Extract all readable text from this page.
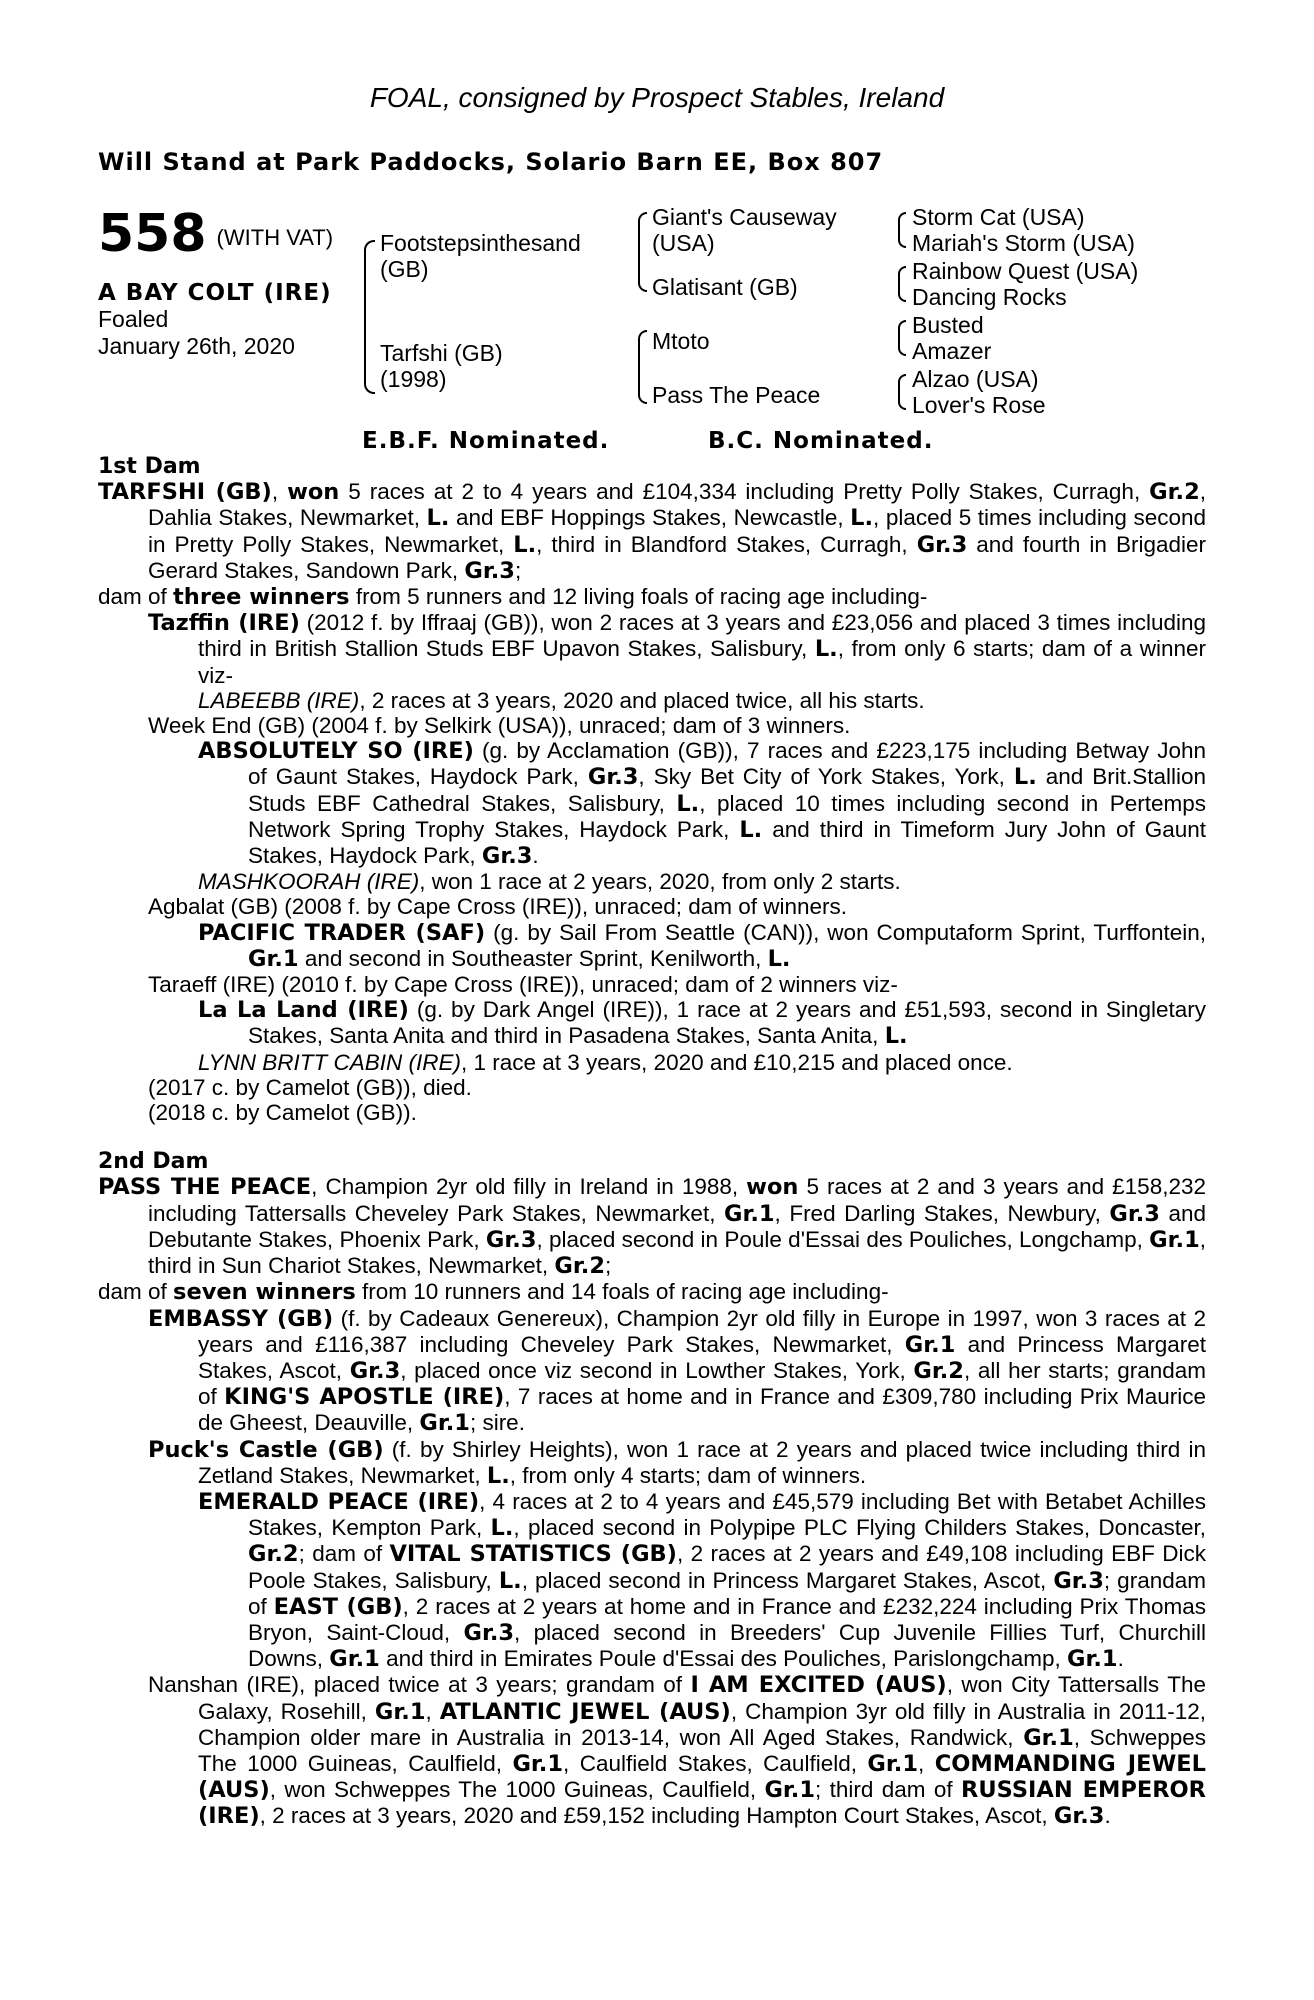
FOAL, consigned by Prospect Stables, Ireland
Will Stand at Park Paddocks, Solario Barn EE, Box 807
558 (WITH VAT)
A BAY COLT (IRE)
Foaled
January 26th, 2020
Footstepsinthesand
(GB)
Tarfshi (GB)
(1998)
Giant's Causeway
(USA)
Glatisant (GB)
Mtoto
Pass The Peace
Storm Cat (USA)
Mariah's Storm (USA)
Rainbow Quest (USA)
Dancing Rocks
Busted
Amazer
Alzao (USA)
Lover's Rose
E.B.F. Nominated.	B.C. Nominated.
1st Dam
TARFSHI (GB), won 5 races at 2 to 4 years and £104,334 including Pretty Polly Stakes, Curragh, Gr.2, Dahlia Stakes, Newmarket, L. and EBF Hoppings Stakes, Newcastle, L., placed 5 times including second in Pretty Polly Stakes, Newmarket, L., third in Blandford Stakes, Curragh, Gr.3 and fourth in Brigadier Gerard Stakes, Sandown Park, Gr.3;
dam of three winners from 5 runners and 12 living foals of racing age including-
Tazffin (IRE) (2012 f. by Iffraaj (GB)), won 2 races at 3 years and £23,056 and placed 3 times including third in British Stallion Studs EBF Upavon Stakes, Salisbury, L., from only 6 starts; dam of a winner viz-
LABEEBB (IRE), 2 races at 3 years, 2020 and placed twice, all his starts.
Week End (GB) (2004 f. by Selkirk (USA)), unraced; dam of 3 winners.
ABSOLUTELY SO (IRE) (g. by Acclamation (GB)), 7 races and £223,175 including Betway John of Gaunt Stakes, Haydock Park, Gr.3, Sky Bet City of York Stakes, York, L. and Brit.Stallion Studs EBF Cathedral Stakes, Salisbury, L., placed 10 times including second in Pertemps Network Spring Trophy Stakes, Haydock Park, L. and third in Timeform Jury John of Gaunt Stakes, Haydock Park, Gr.3.
MASHKOORAH (IRE), won 1 race at 2 years, 2020, from only 2 starts.
Agbalat (GB) (2008 f. by Cape Cross (IRE)), unraced; dam of winners.
PACIFIC TRADER (SAF) (g. by Sail From Seattle (CAN)), won Computaform Sprint, Turffontein, Gr.1 and second in Southeaster Sprint, Kenilworth, L.
Taraeff (IRE) (2010 f. by Cape Cross (IRE)), unraced; dam of 2 winners viz-
La La Land (IRE) (g. by Dark Angel (IRE)), 1 race at 2 years and £51,593, second in Singletary Stakes, Santa Anita and third in Pasadena Stakes, Santa Anita, L.
LYNN BRITT CABIN (IRE), 1 race at 3 years, 2020 and £10,215 and placed once.
(2017 c. by Camelot (GB)), died.
(2018 c. by Camelot (GB)).
2nd Dam
PASS THE PEACE, Champion 2yr old filly in Ireland in 1988, won 5 races at 2 and 3 years and £158,232 including Tattersalls Cheveley Park Stakes, Newmarket, Gr.1, Fred Darling Stakes, Newbury, Gr.3 and Debutante Stakes, Phoenix Park, Gr.3, placed second in Poule d'Essai des Pouliches, Longchamp, Gr.1, third in Sun Chariot Stakes, Newmarket, Gr.2;
dam of seven winners from 10 runners and 14 foals of racing age including-
EMBASSY (GB) (f. by Cadeaux Genereux), Champion 2yr old filly in Europe in 1997, won 3 races at 2 years and £116,387 including Cheveley Park Stakes, Newmarket, Gr.1 and Princess Margaret Stakes, Ascot, Gr.3, placed once viz second in Lowther Stakes, York, Gr.2, all her starts; grandam of KING'S APOSTLE (IRE), 7 races at home and in France and £309,780 including Prix Maurice de Gheest, Deauville, Gr.1; sire.
Puck's Castle (GB) (f. by Shirley Heights), won 1 race at 2 years and placed twice including third in Zetland Stakes, Newmarket, L., from only 4 starts; dam of winners.
EMERALD PEACE (IRE), 4 races at 2 to 4 years and £45,579 including Bet with Betabet Achilles Stakes, Kempton Park, L., placed second in Polypipe PLC Flying Childers Stakes, Doncaster, Gr.2; dam of VITAL STATISTICS (GB), 2 races at 2 years and £49,108 including EBF Dick Poole Stakes, Salisbury, L., placed second in Princess Margaret Stakes, Ascot, Gr.3; grandam of EAST (GB), 2 races at 2 years at home and in France and £232,224 including Prix Thomas Bryon, Saint-Cloud, Gr.3, placed second in Breeders' Cup Juvenile Fillies Turf, Churchill Downs, Gr.1 and third in Emirates Poule d'Essai des Pouliches, Parislongchamp, Gr.1.
Nanshan (IRE), placed twice at 3 years; grandam of I AM EXCITED (AUS), won City Tattersalls The Galaxy, Rosehill, Gr.1, ATLANTIC JEWEL (AUS), Champion 3yr old filly in Australia in 2011-12, Champion older mare in Australia in 2013-14, won All Aged Stakes, Randwick, Gr.1, Schweppes The 1000 Guineas, Caulfield, Gr.1, Caulfield Stakes, Caulfield, Gr.1, COMMANDING JEWEL (AUS), won Schweppes The 1000 Guineas, Caulfield, Gr.1; third dam of RUSSIAN EMPEROR (IRE), 2 races at 3 years, 2020 and £59,152 including Hampton Court Stakes, Ascot, Gr.3.
